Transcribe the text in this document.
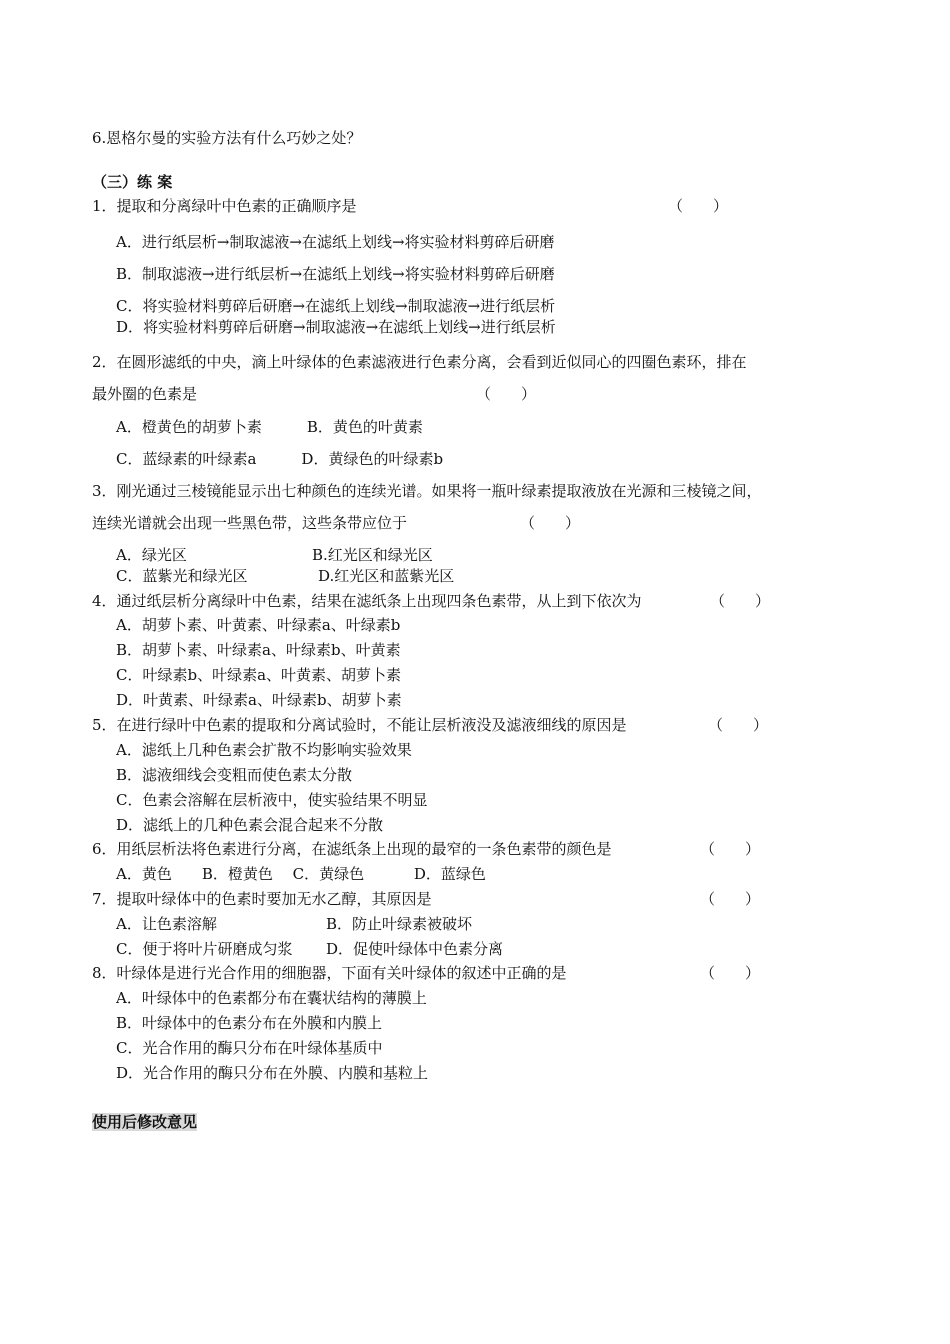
6.恩格尔曼的实验方法有什么巧妙之处？
（三）练 案
1．提取和分离绿叶中色素的正确顺序是	（　　）
A．进行纸层析→制取滤液→在滤纸上划线→将实验材料剪碎后研磨
B．制取滤液→进行纸层析→在滤纸上划线→将实验材料剪碎后研磨
C．将实验材料剪碎后研磨→在滤纸上划线→制取滤液→进行纸层析
D．将实验材料剪碎后研磨→制取滤液→在滤纸上划线→进行纸层析
2．在圆形滤纸的中央，滴上叶绿体的色素滤液进行色素分离，会看到近似同心的四圈色素环，排在
最外圈的色素是	（　　）
A．橙黄色的胡萝卜素　　　B．黄色的叶黄素
C．蓝绿素的叶绿素a　　　D．黄绿色的叶绿素b
3．刚光通过三棱镜能显示出七种颜色的连续光谱。如果将一瓶叶绿素提取液放在光源和三棱镜之间，
连续光谱就会出现一些黑色带，这些条带应位于	（　　）
A．绿光区	B.红光区和绿光区
C．蓝紫光和绿光区	D.红光区和蓝紫光区
4．通过纸层析分离绿叶中色素，结果在滤纸条上出现四条色素带，从上到下依次为	（　　）
A．胡萝卜素、叶黄素、叶绿素a、叶绿素b
B．胡萝卜素、叶绿素a、叶绿素b、叶黄素
C．叶绿素b、叶绿素a、叶黄素、胡萝卜素
D．叶黄素、叶绿素a、叶绿素b、胡萝卜素
5．在进行绿叶中色素的提取和分离试验时，不能让层析液没及滤液细线的原因是	（　　）
A．滤纸上几种色素会扩散不均影响实验效果
B．滤液细线会变粗而使色素太分散
C．色素会溶解在层析液中，使实验结果不明显
D．滤纸上的几种色素会混合起来不分散
6．用纸层析法将色素进行分离，在滤纸条上出现的最窄的一条色素带的颜色是	（　　）
A．黄色　　B．橙黄色　 C．黄绿色　　　 D．蓝绿色
7．提取叶绿体中的色素时要加无水乙醇，其原因是	（　　）
A．让色素溶解	B．防止叶绿素被破坏
C．便于将叶片研磨成匀浆 D．促使叶绿体中色素分离
8．叶绿体是进行光合作用的细胞器，下面有关叶绿体的叙述中正确的是	（　　）
A．叶绿体中的色素都分布在囊状结构的薄膜上
B．叶绿体中的色素分布在外膜和内膜上
C．光合作用的酶只分布在叶绿体基质中
D．光合作用的酶只分布在外膜、内膜和基粒上
使用后修改意见
